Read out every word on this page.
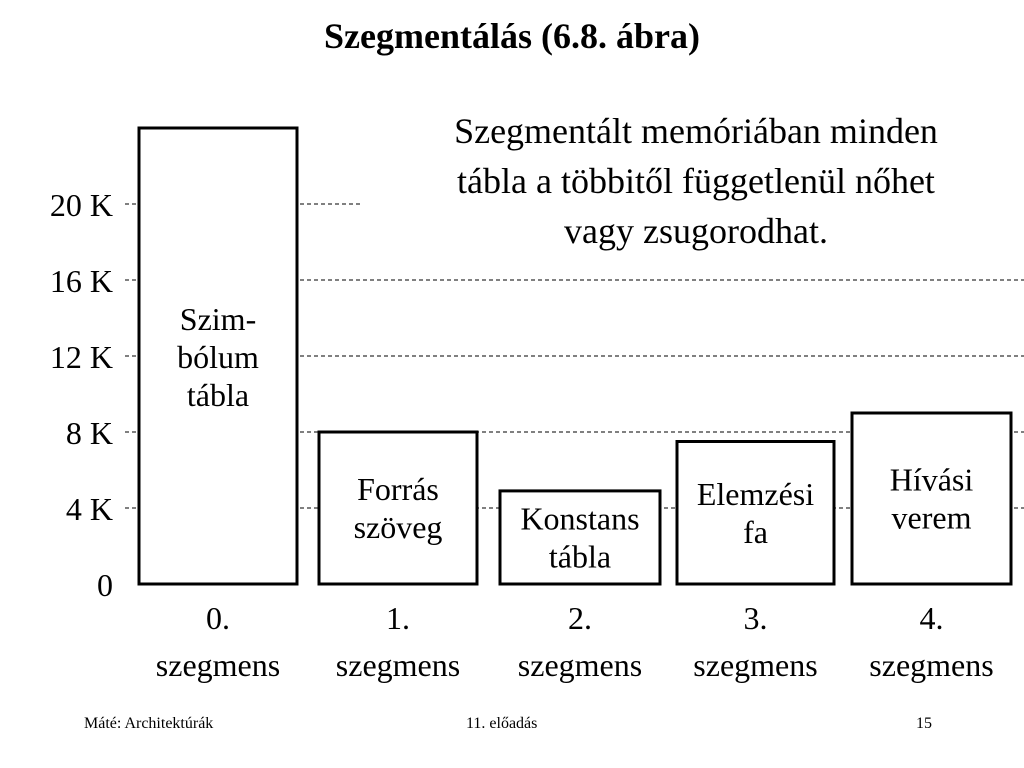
Szegmentálás (6.8. ábra)
Szegmentált memóriában minden
tábla a többitől függetlenül nőhet
vagy zsugorodhat.
0
4 K
8 K
12 K
16 K
20 K
Szim-
bólum
tábla
0.
szegmens
Forrás
szöveg
1.
szegmens
Konstans
tábla
2.
szegmens
Elemzési
fa
3.
szegmens
Hívási
verem
4.
szegmens
Máté: Architektúrák	11. előadás	15
